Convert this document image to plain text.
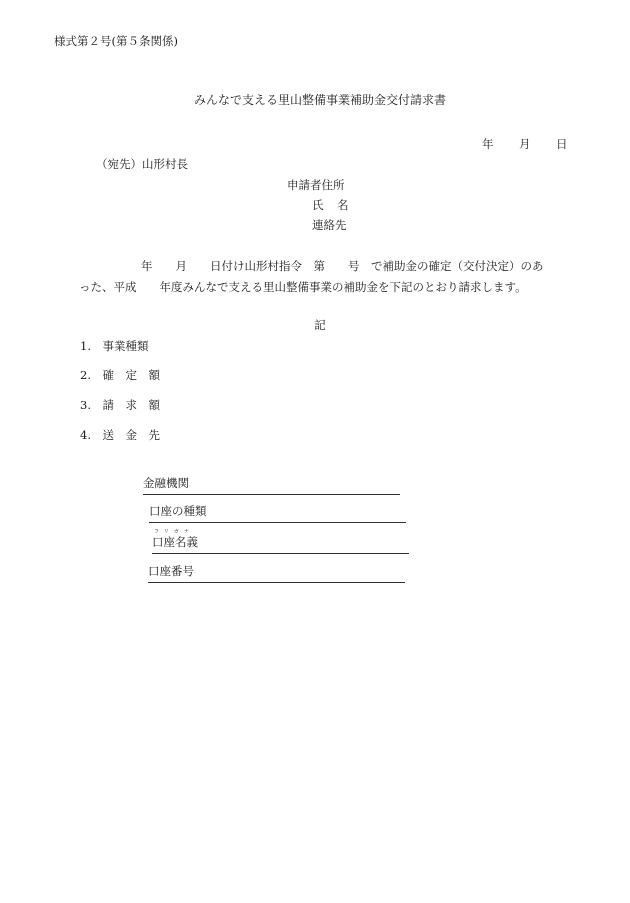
様式第２号(第５条関係)
みんなで支える里山整備事業補助金交付請求書
年 月 日
（宛先）山形村長
申請者住所
氏　名
連絡先
年　　月　　日付け山形村指令　第　　号　で補助金の確定（交付決定）のあ
った、平成　　年度みんなで支える里山整備事業の補助金を下記のとおり請求します。
記
1.　事業種類
2.　確　定　額
3.　請　求　額
4.　送　金　先
金融機関
口座の種類
フリガナ
口座名義
口座番号
